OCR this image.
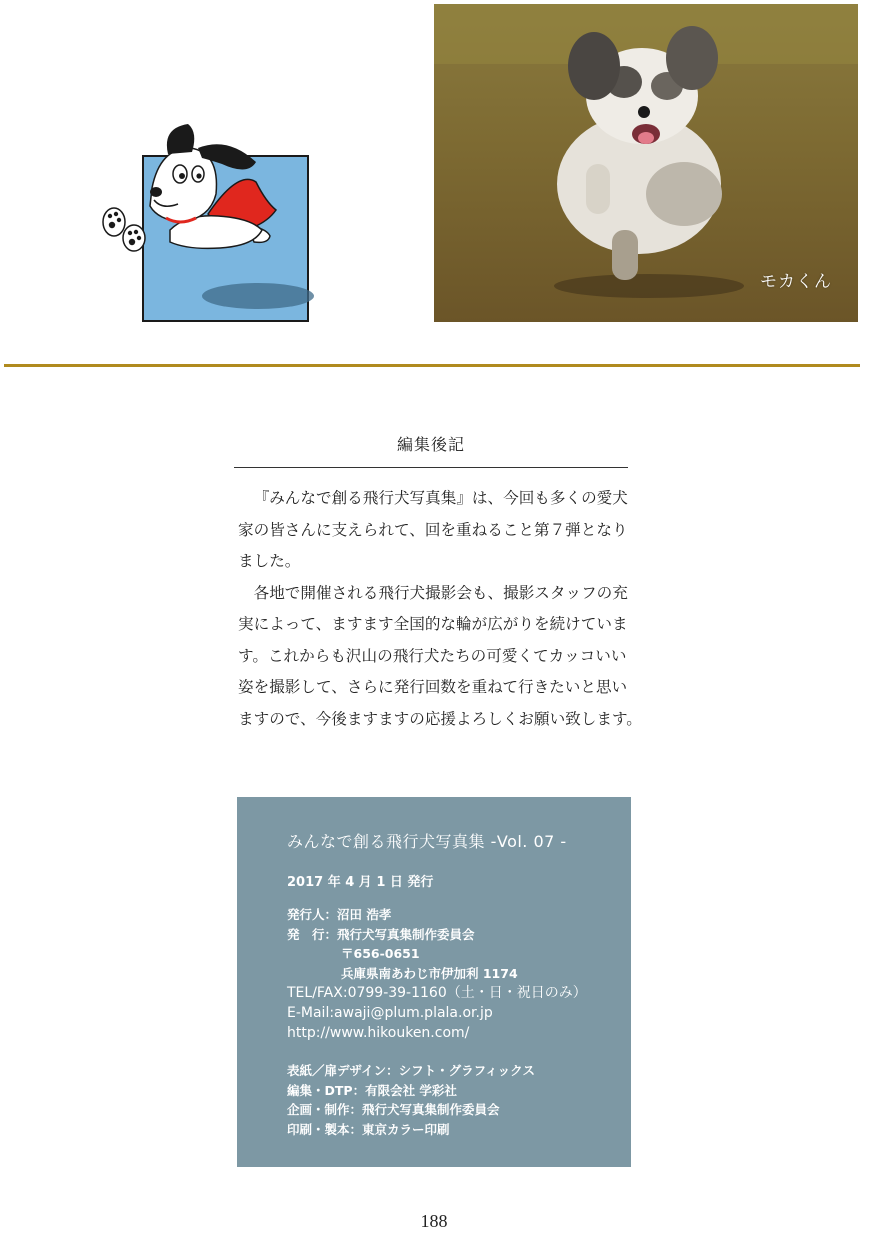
モカくん
編集後記

『みんなで創る飛行犬写真集』は、今回も多くの愛犬家の皆さんに支えられて、回を重ねること第７弾となりました。

各地で開催される飛行犬撮影会も、撮影スタッフの充実によって、ますます全国的な輪が広がりを続けています。これからも沢山の飛行犬たちの可愛くてカッコいい姿を撮影して、さらに発行回数を重ねて行きたいと思いますので、今後ますますの応援よろしくお願い致します。

みんなで創る飛行犬写真集 -Vol. 07 -
2017 年 4 月 1 日 発行
発行人：沼田 浩孝
発　行：飛行犬写真集制作委員会
〒656-0651
兵庫県南あわじ市伊加利 1174
TEL/FAX:0799-39-1160（土・日・祝日のみ）
E-Mail:awaji@plum.plala.or.jp
http://www.hikouken.com/
表紙／扉デザイン：シフト・グラフィックス
編集・DTP：有限会社 学彩社
企画・制作：飛行犬写真集制作委員会
印刷・製本：東京カラー印刷
188
